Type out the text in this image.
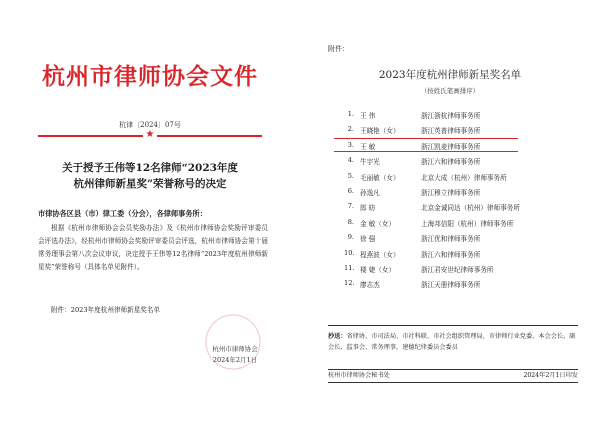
杭州市律师协会文件
杭律〔2024〕07号
★
关于授予王伟等12名律师“2023年度
杭州律师新星奖”荣誉称号的决定
市律协各区县（市）律工委（分会），各律师事务所：
根据《杭州市律师协会会员奖励办法》及《杭州市律师协会奖励评审委员会评选办法》，经杭州市律师协会奖励评审委员会评选，杭州市律师协会第十届常务理事会第八次会议审议，决定授予王伟等12名律师“2023年度杭州律师新星奖”荣誉称号（具体名单见附件）。
附件：2023年度杭州律师新星奖名单
杭州市律师协会
2024年2月1日
附件：
2023年度杭州律师新星奖名单
（按姓氏笔画排序）
1. 王 伟	浙江浙杭律师事务所
2. 王晓艳（女）	浙江英普律师事务所
3. 王 敏	浙江凯麦律师事务所
4. 牛宇光	浙江六和律师事务所
5. 毛丽敏（女）	北京大成（杭州）律师事务所
6. 孙逸凡	浙江穆立律师事务所
7. 郎 昉	北京金诚同达（杭州）律师事务所
8. 金 敏（女）	上海邦信阳（杭州）律师事务所
9. 徐 强	浙江优和律师事务所
10. 程燕波（女）	浙江六和律师事务所
11. 楼 婕（女）	浙江君安世纪律师事务所
12. 廖志杰	浙江天册律师事务所
抄送：省律协，市司法局、市社科联、市社会组织管理局、市律师行业党委、本会会长、副会长、监事会、常务理事，建德纪律委员会委员
杭州市律师协会秘书处	2024年2月1日印发
